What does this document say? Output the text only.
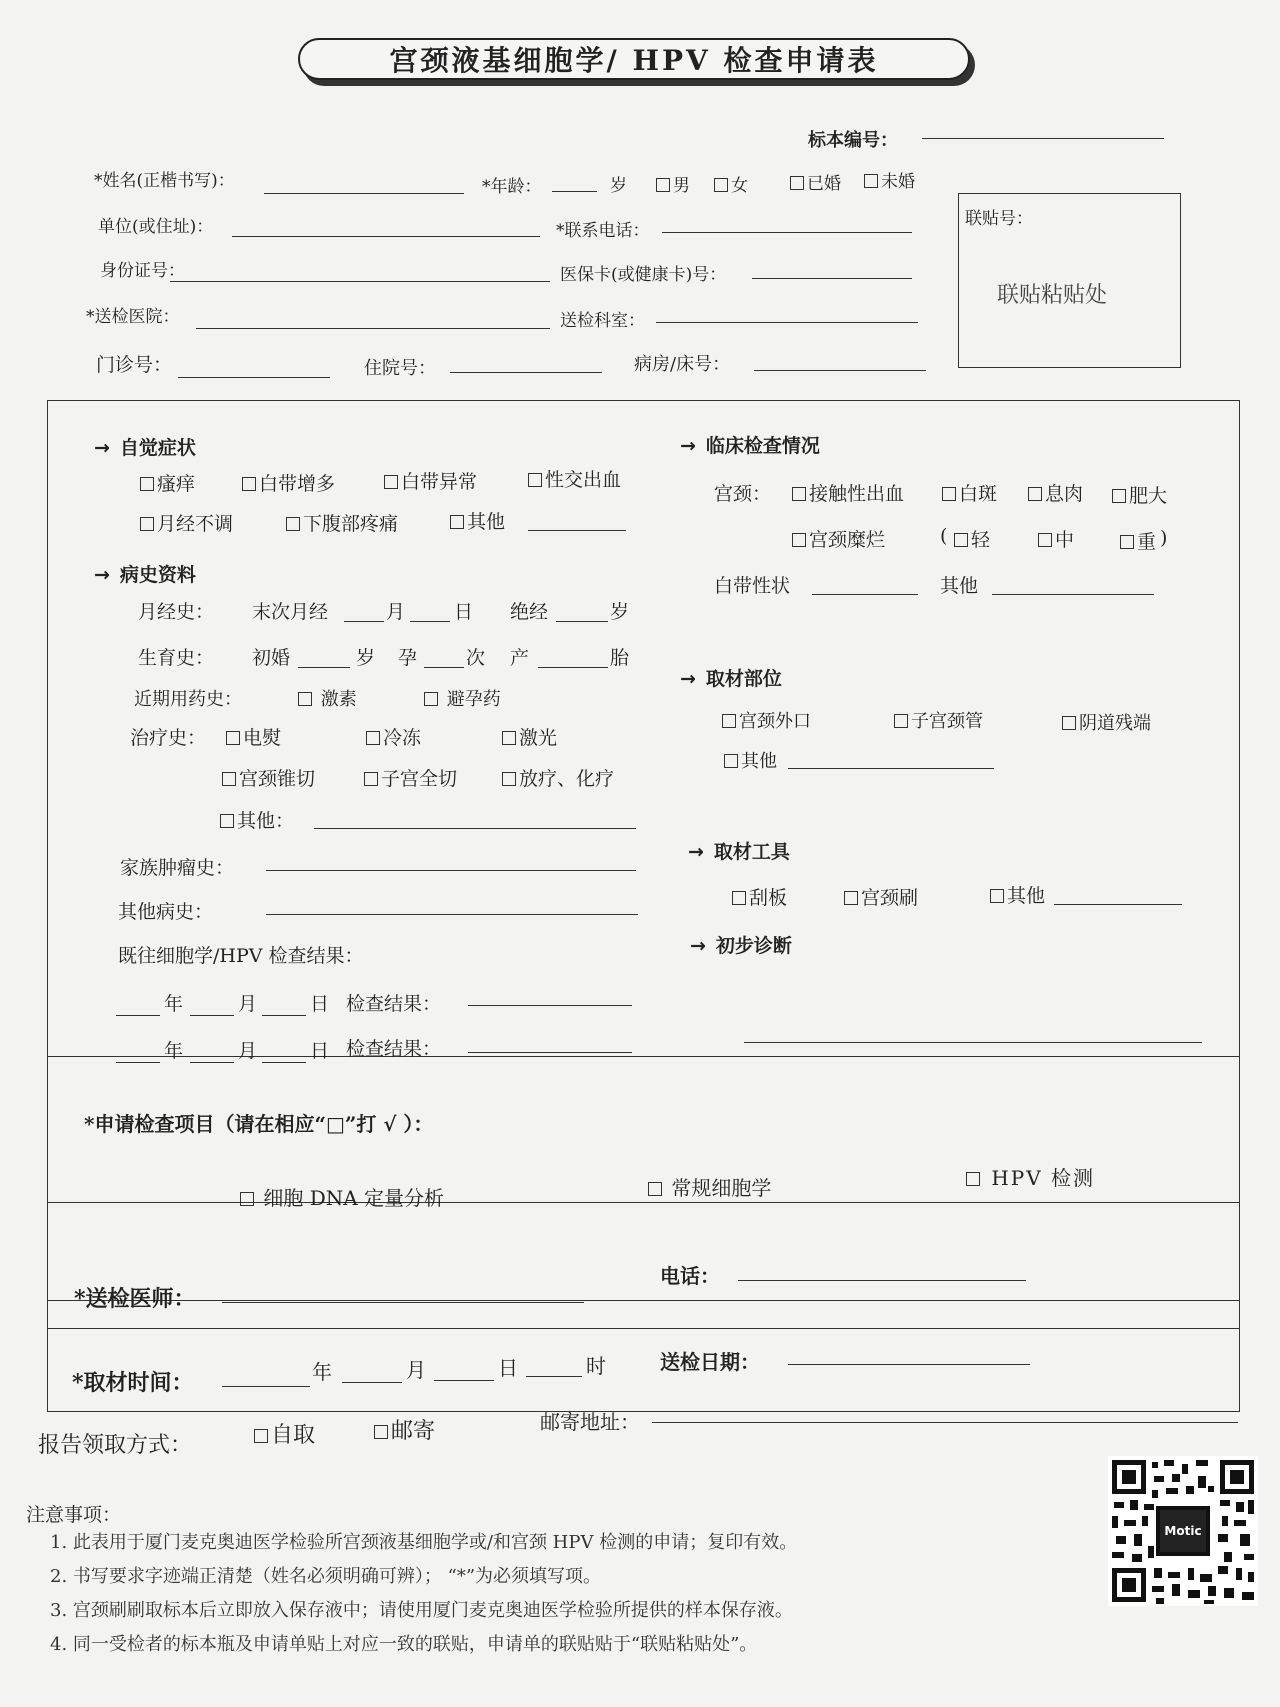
宫颈液基细胞学/ HPV 检查申请表
标本编号：
*姓名(正楷书写)：	*年龄：	岁	男	女	已婚	未婚
单位(或住址)：	*联系电话：
身份证号：	医保卡(或健康卡)号：
*送检医院：	送检科室：
门诊号：	住院号：	病房/床号：
联贴号：
联贴粘贴处
→ 自觉症状
瘙痒	白带增多	白带异常	性交出血
月经不调	下腹部疼痛	其他
→ 病史资料
月经史： 末次月经	月	日 绝经	岁
生育史： 初婚	岁 孕	次 产	胎
近期用药史：	激素	避孕药
治疗史：	电熨	冷冻	激光
宫颈锥切	子宫全切	放疗、化疗
其他：
家族肿瘤史：
其他病史：
既往细胞学/HPV 检查结果：
年	月	日 检查结果：
年	月	日 检查结果：
→ 临床检查情况
宫颈：	接触性出血	白斑	息肉	肥大
宫颈糜烂	(	轻	中	重 )
白带性状	其他
→ 取材部位
宫颈外口	子宫颈管	阴道残端
其他
→ 取材工具
刮板	宫颈刷	其他
→ 初步诊断
*申请检查项目（请在相应“□”打 √ ）：
细胞 DNA 定量分析	常规细胞学	HPV 检测
*送检医师：
电话：
*取材时间：	年	月	日	时	送检日期：
报告领取方式：	自取	邮寄	邮寄地址：
注意事项：
1. 此表用于厦门麦克奥迪医学检验所宫颈液基细胞学或/和宫颈 HPV 检测的申请；复印有效。
2. 书写要求字迹端正清楚（姓名必须明确可辨）； “*”为必须填写项。
3. 宫颈刷刷取标本后立即放入保存液中；请使用厦门麦克奥迪医学检验所提供的样本保存液。
4. 同一受检者的标本瓶及申请单贴上对应一致的联贴，申请单的联贴贴于“联贴粘贴处”。
Motic
